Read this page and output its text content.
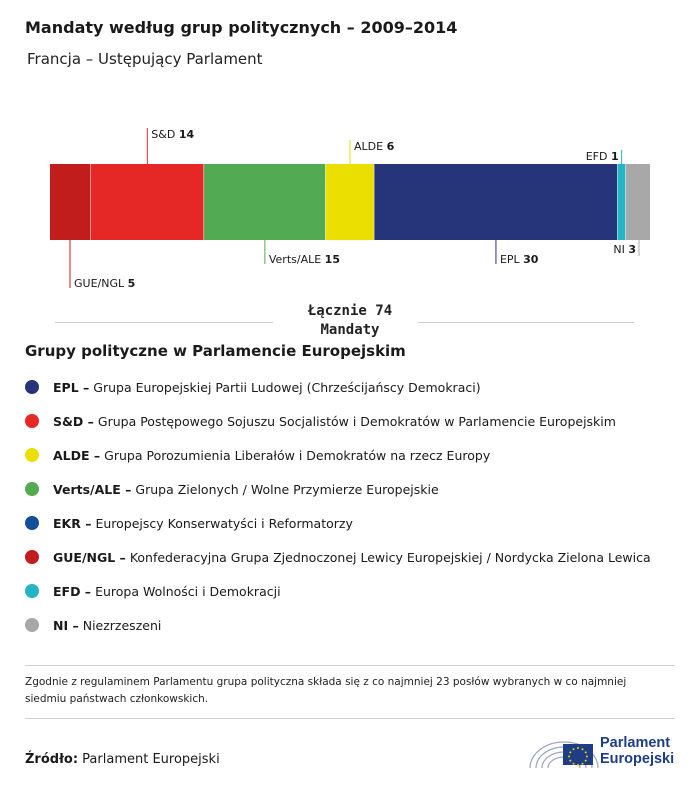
Mandaty według grup politycznych – 2009–2014
Francja – Ustępujący Parlament
GUE/NGL 5
S&D 14
Verts/ALE 15
ALDE 6
EPL 30
EFD 1
NI 3
Łącznie 74
Mandaty
Grupy polityczne w Parlamencie Europejskim
EPL – Grupa Europejskiej Partii Ludowej (Chrześcijańscy Demokraci)
S&D – Grupa Postępowego Sojuszu Socjalistów i Demokratów w Parlamencie Europejskim
ALDE – Grupa Porozumienia Liberałów i Demokratów na rzecz Europy
Verts/ALE – Grupa Zielonych / Wolne Przymierze Europejskie
EKR – Europejscy Konserwatyści i Reformatorzy
GUE/NGL – Konfederacyjna Grupa Zjednoczonej Lewicy Europejskiej / Nordycka Zielona Lewica
EFD – Europa Wolności i Demokracji
NI – Niezrzeszeni
Zgodnie z regulaminem Parlamentu grupa polityczna składa się z co najmniej 23 posłów wybranych w co najmniej siedmiu państwach członkowskich.
Źródło: Parlament Europejski
Parlament
Europejski
